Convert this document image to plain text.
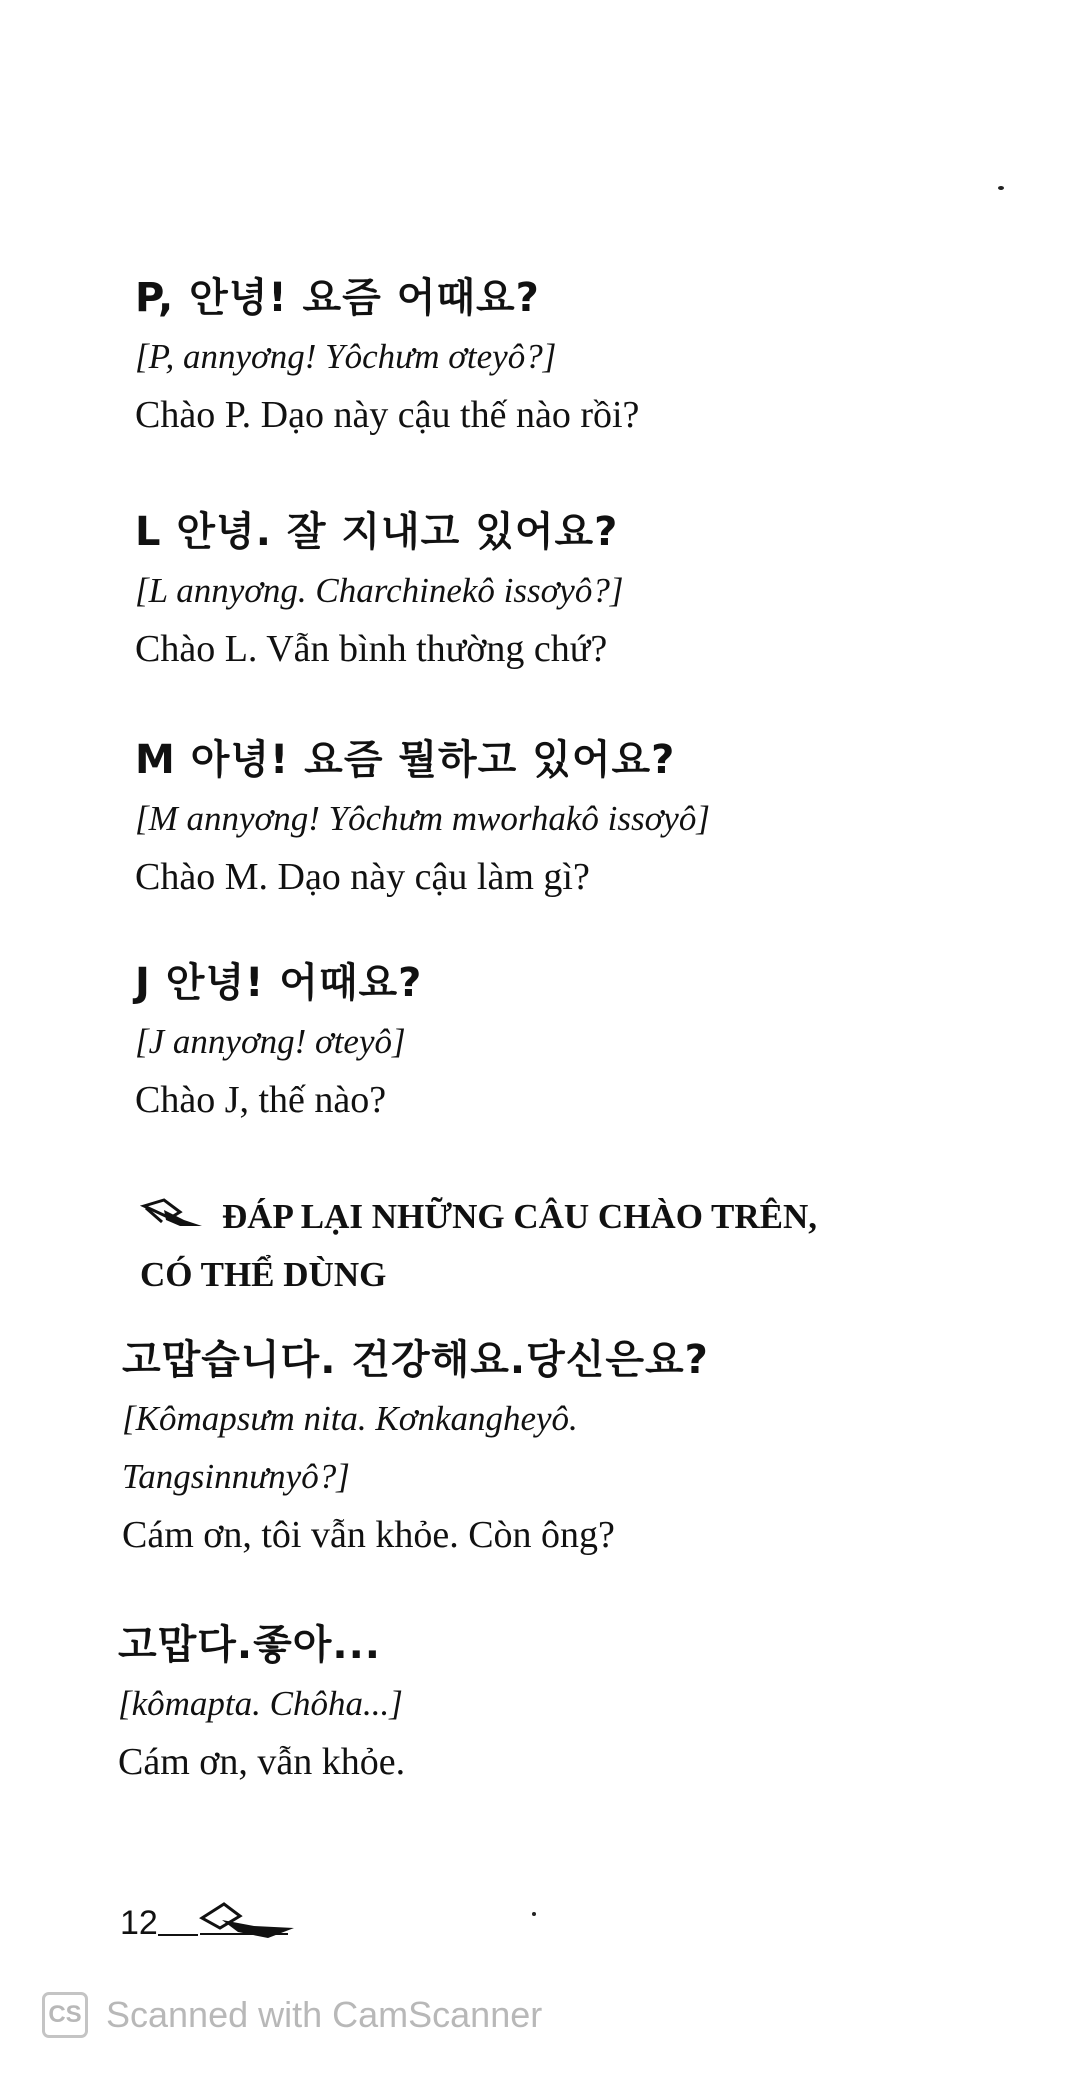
P, 안녕! 요즘 어때요?
[P, annyơng! Yôchưm ơteyô?]
Chào P. Dạo này cậu thế nào rồi?
L 안녕. 잘 지내고 있어요?
[L annyơng. Charchinekô issơyô?]
Chào L. Vẫn bình thường chứ?
M 아녕! 요즘 뭘하고 있어요?
[M annyơng! Yôchưm mworhakô issơyô]
Chào M. Dạo này cậu làm gì?
J 안녕! 어때요?
[J annyơng! ơteyô]
Chào J, thế nào?
ĐÁP LẠI NHỮNG CÂU CHÀO TRÊN,
CÓ THỂ DÙNG
고맙습니다. 건강해요.당신은요?
[Kômapsưm nita. Kơnkangheyô.
Tangsinnưnyô?]
Cám ơn, tôi vẫn khỏe. Còn ông?
고맙다.좋아...
[kômapta. Chôha...]
Cám ơn, vẫn khỏe.
12
CS Scanned with CamScanner
